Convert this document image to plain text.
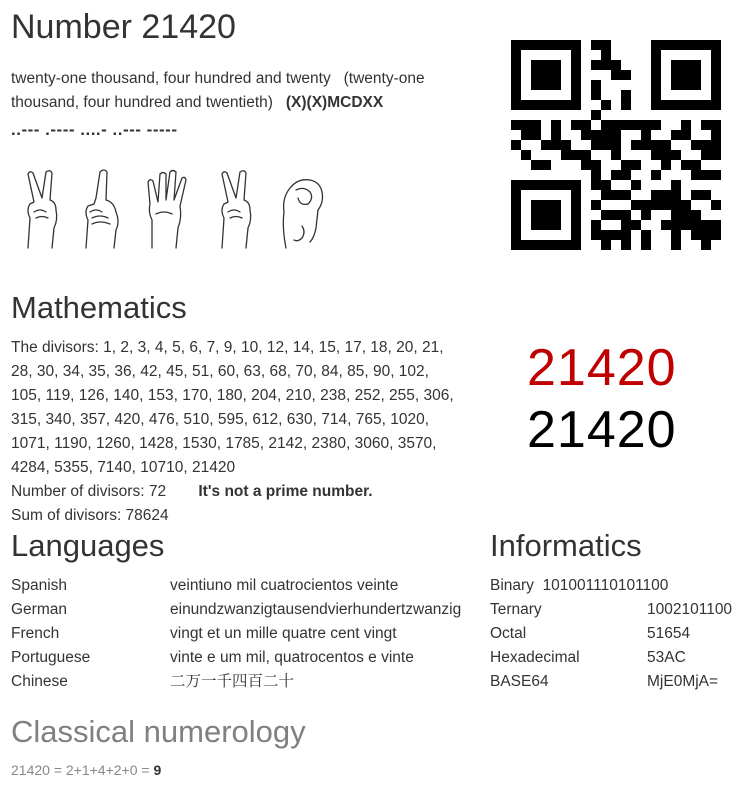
Number 21420
twenty-one thousand, four hundred and twenty (twenty-one thousand, four hundred and twentieth) (X)(X)MCDXX
..--- .---- ....- ..--- -----
Mathematics
The divisors: 1, 2, 3, 4, 5, 6, 7, 9, 10, 12, 14, 15, 17, 18, 20, 21,
28, 30, 34, 35, 36, 42, 45, 51, 60, 63, 68, 70, 84, 85, 90, 102,
105, 119, 126, 140, 153, 170, 180, 204, 210, 238, 252, 255, 306,
315, 340, 357, 420, 476, 510, 595, 612, 630, 714, 765, 1020,
1071, 1190, 1260, 1428, 1530, 1785, 2142, 2380, 3060, 3570,
4284, 5355, 7140, 10710, 21420
Number of divisors: 72 It's not a prime number.
Sum of divisors: 78624
21420
21420
Languages
Spanish	veintiuno mil cuatrocientos veinte
German	einundzwanzigtausendvierhundertzwanzig
French	vingt et un mille quatre cent vingt
Portuguese	vinte e um mil, quatrocentos e vinte
Chinese	二万一千四百二十
Informatics
Binary 101001110101100
Ternary	1002101100
Octal	51654
Hexadecimal	53AC
BASE64	MjE0MjA=
Classical numerology
21420 = 2+1+4+2+0 = 9
